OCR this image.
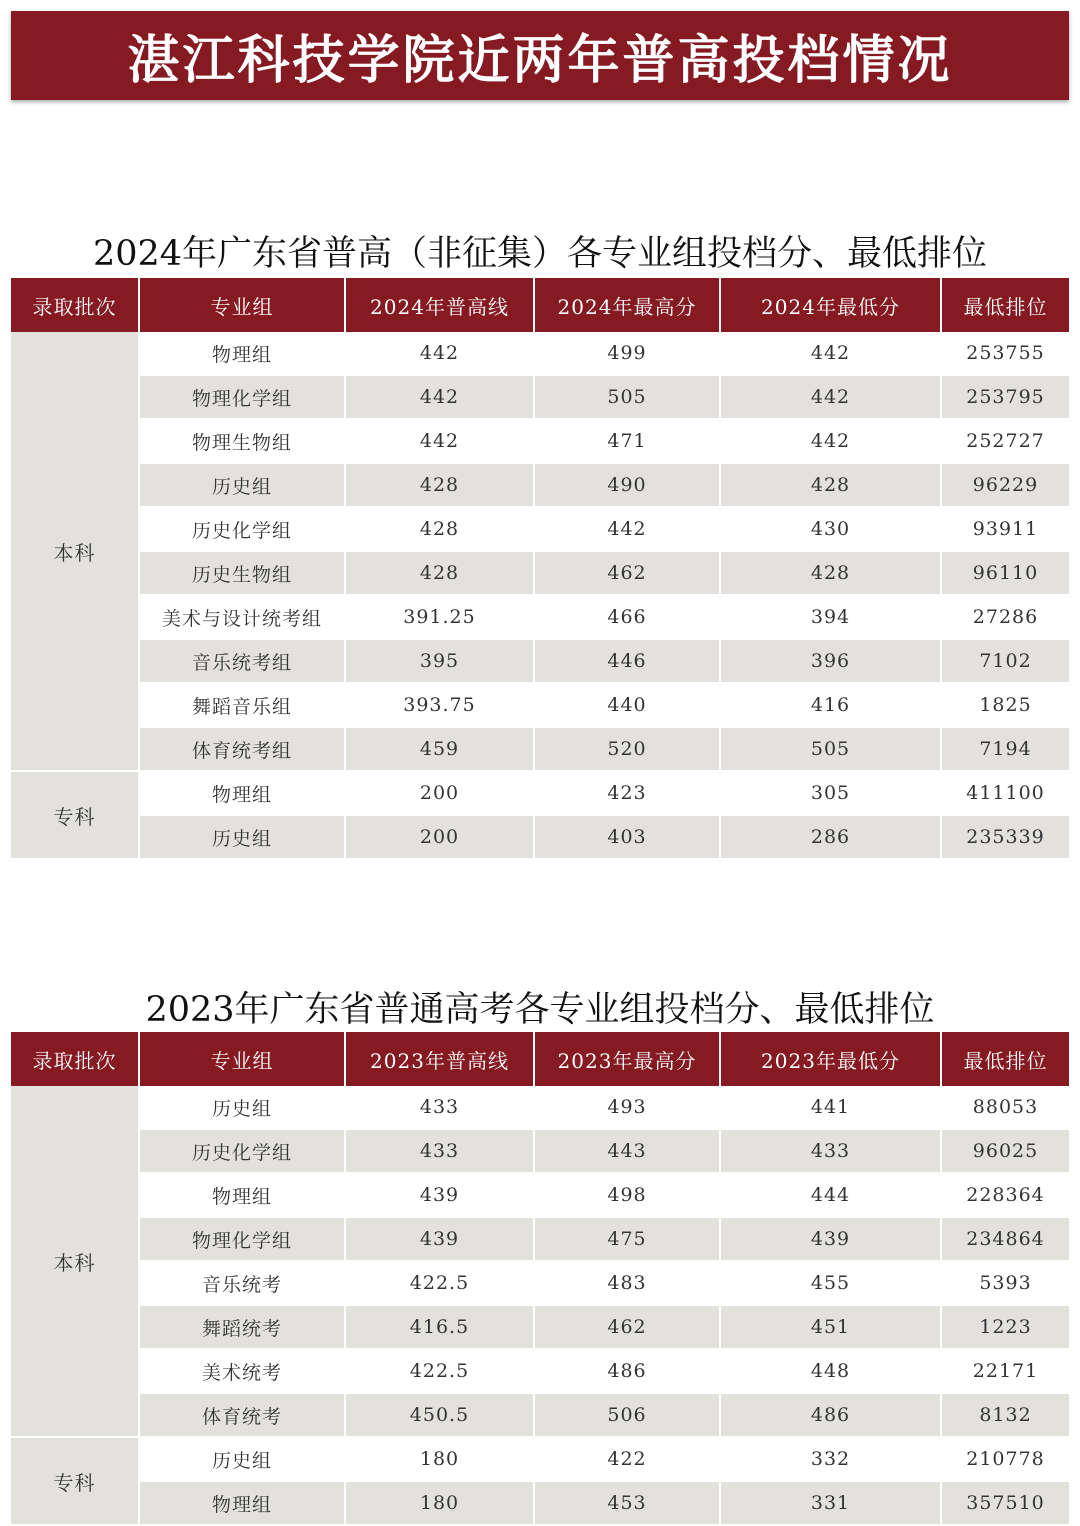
湛江科技学院近两年普高投档情况
2024年广东省普高（非征集）各专业组投档分、最低排位
录取批次	专业组	2024年普高线	2024年最高分	2024年最低分	最低排位
本科	物理组	442	499	442	253755
	物理化学组	442	505	442	253795
	物理生物组	442	471	442	252727
	历史组	428	490	428	96229
	历史化学组	428	442	430	93911
	历史生物组	428	462	428	96110
	美术与设计统考组	391.25	466	394	27286
	音乐统考组	395	446	396	7102
	舞蹈音乐组	393.75	440	416	1825
	体育统考组	459	520	505	7194
专科	物理组	200	423	305	411100
	历史组	200	403	286	235339
2023年广东省普通高考各专业组投档分、最低排位
录取批次	专业组	2023年普高线	2023年最高分	2023年最低分	最低排位
本科	历史组	433	493	441	88053
	历史化学组	433	443	433	96025
	物理组	439	498	444	228364
	物理化学组	439	475	439	234864
	音乐统考	422.5	483	455	5393
	舞蹈统考	416.5	462	451	1223
	美术统考	422.5	486	448	22171
	体育统考	450.5	506	486	8132
专科	历史组	180	422	332	210778
	物理组	180	453	331	357510
